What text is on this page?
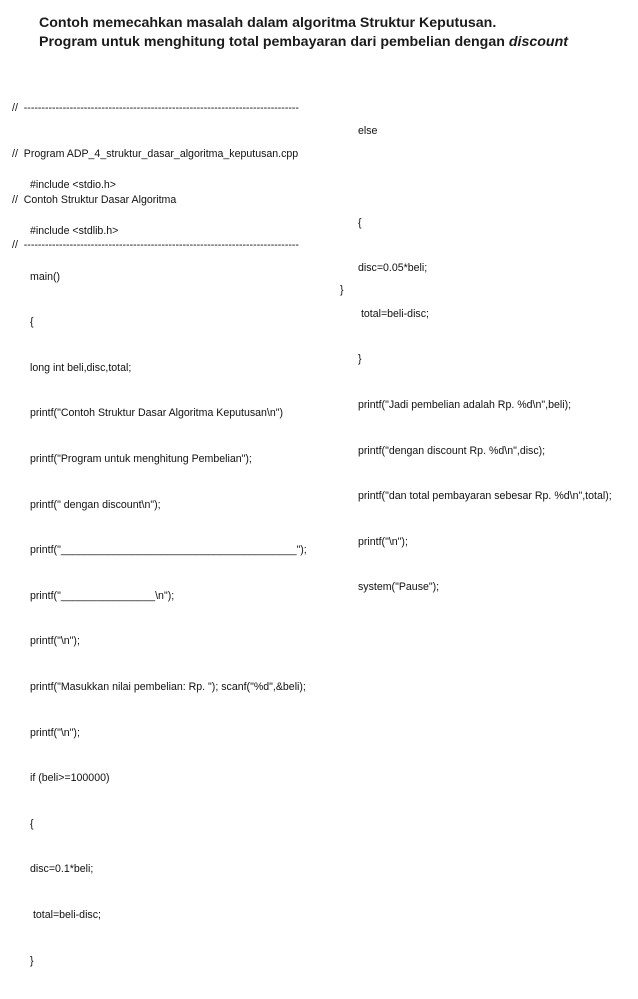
Contoh memecahkan masalah dalam algoritma Struktur Keputusan.
Program untuk menghitung total pembayaran dari pembelian dengan discount

//  ------------------------------------------------------------------------------

//  Program ADP_4_struktur_dasar_algoritma_keputusan.cpp

//  Contoh Struktur Dasar Algoritma

//  ------------------------------------------------------------------------------

#include <stdio.h>

#include <stdlib.h>

main()

{

long int beli,disc,total;

printf("Contoh Struktur Dasar Algoritma Keputusan\n")

printf("Program untuk menghitung Pembelian");

printf(" dengan discount\n");

printf("________________________________________");

printf("________________\n");

printf("\n");

printf("Masukkan nilai pembelian: Rp. "); scanf("%d",&beli);

printf("\n");

if (beli>=100000)

{

disc=0.1*beli;

total=beli-disc;

}

else

{

disc=0.05*beli;

total=beli-disc;

}

printf("Jadi pembelian adalah Rp. %d\n",beli);

printf("dengan discount Rp. %d\n",disc);

printf("dan total pembayaran sebesar Rp. %d\n",total);

printf("\n");

system("Pause");

}
